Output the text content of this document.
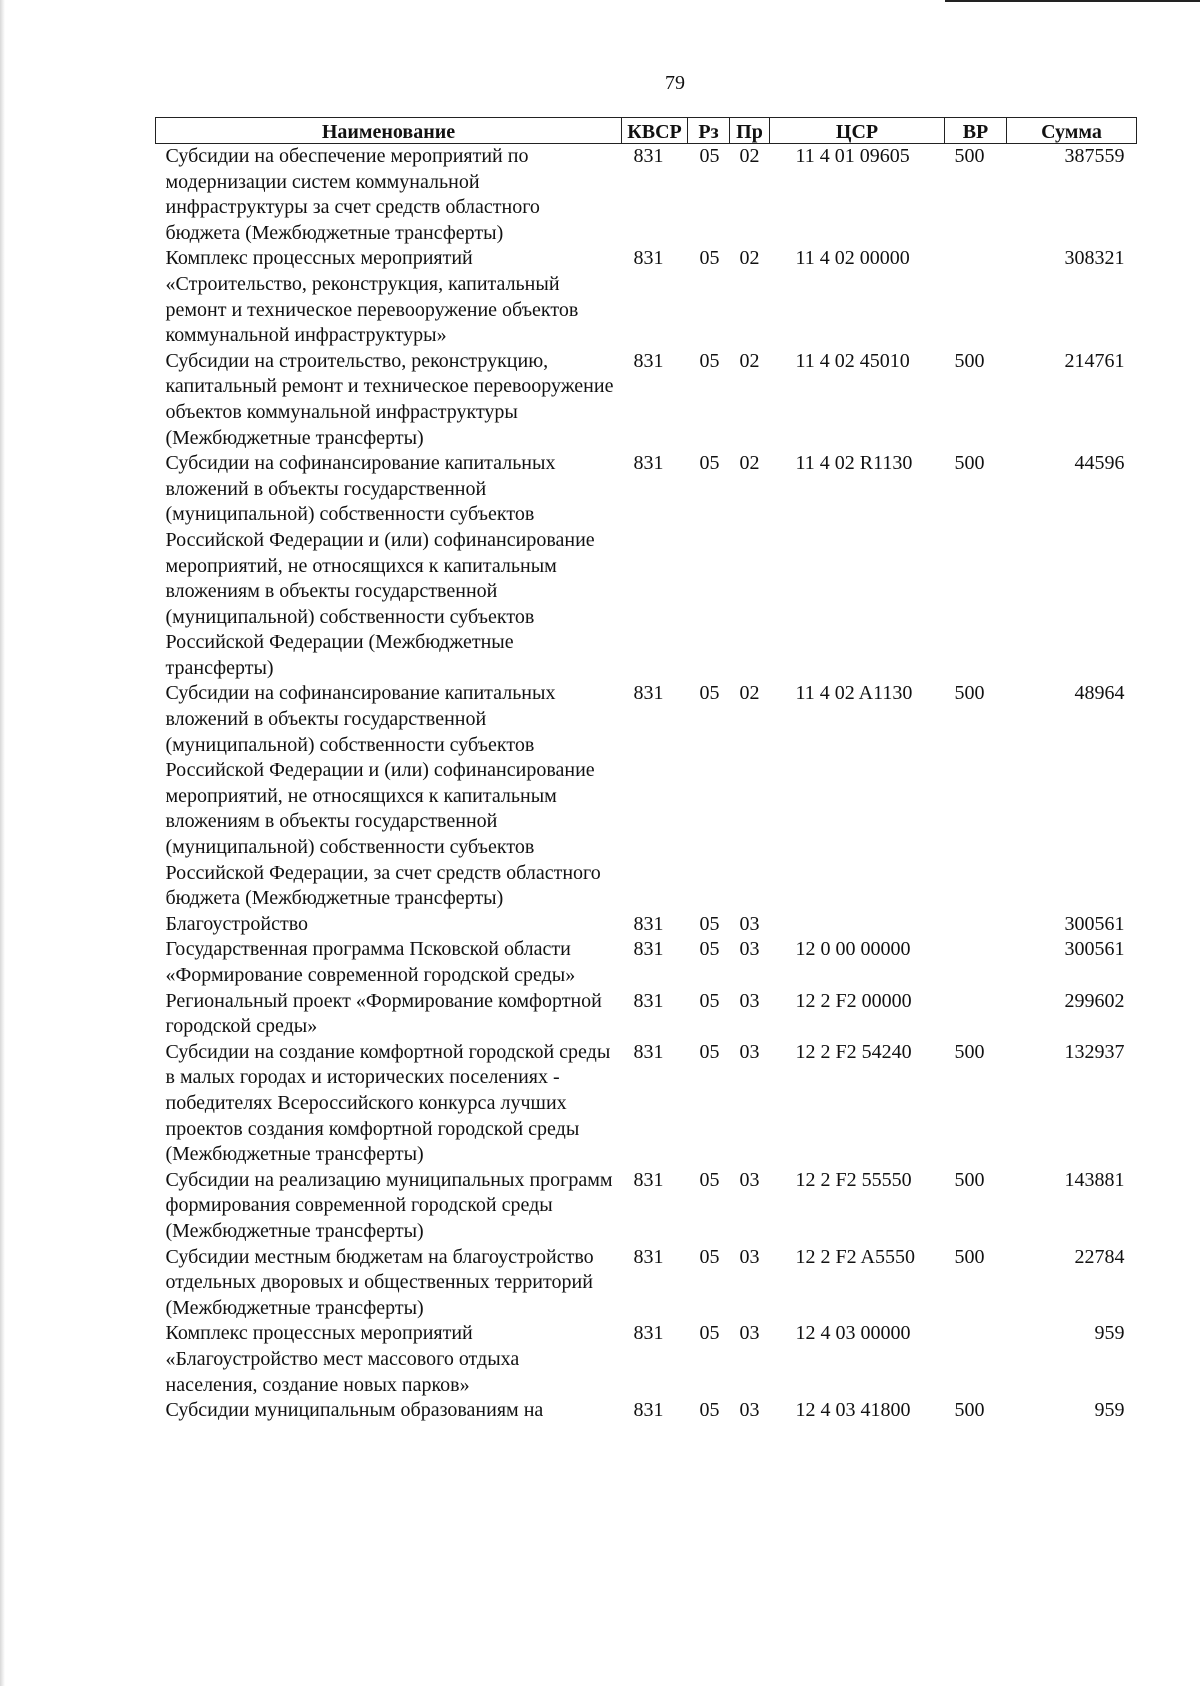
79
Наименование	КВСР	Рз	Пр	ЦСР	ВР	Сумма
Субсидии на обеспечение мероприятий по модернизации систем коммунальной инфраструктуры за счет средств областного бюджета (Межбюджетные трансферты)	831	05	02	11 4 01 09605	500	387559
Комплекс процессных мероприятий «Строительство, реконструкция, капитальный ремонт и техническое перевооружение объектов коммунальной инфраструктуры»	831	05	02	11 4 02 00000		308321
Субсидии на строительство, реконструкцию, капитальный ремонт и техническое перевооружение объектов коммунальной инфраструктуры (Межбюджетные трансферты)	831	05	02	11 4 02 45010	500	214761
Субсидии на софинансирование капитальных вложений в объекты государственной (муниципальной) собственности субъектов Российской Федерации и (или) софинансирование мероприятий, не относящихся к капитальным вложениям в объекты государственной (муниципальной) собственности субъектов Российской Федерации (Межбюджетные трансферты)	831	05	02	11 4 02 R1130	500	44596
Субсидии на софинансирование капитальных вложений в объекты государственной (муниципальной) собственности субъектов Российской Федерации и (или) софинансирование мероприятий, не относящихся к капитальным вложениям в объекты государственной (муниципальной) собственности субъектов Российской Федерации, за счет средств областного бюджета (Межбюджетные трансферты)	831	05	02	11 4 02 A1130	500	48964
Благоустройство	831	05	03			300561
Государственная программа Псковской области «Формирование современной городской среды»	831	05	03	12 0 00 00000		300561
Региональный проект «Формирование комфортной городской среды»	831	05	03	12 2 F2 00000		299602
Субсидии на создание комфортной городской среды в малых городах и исторических поселениях - победителях Всероссийского конкурса лучших проектов создания комфортной городской среды (Межбюджетные трансферты)	831	05	03	12 2 F2 54240	500	132937
Субсидии на реализацию муниципальных программ формирования современной городской среды (Межбюджетные трансферты)	831	05	03	12 2 F2 55550	500	143881
Субсидии местным бюджетам на благоустройство отдельных дворовых и общественных территорий (Межбюджетные трансферты)	831	05	03	12 2 F2 A5550	500	22784
Комплекс процессных мероприятий «Благоустройство мест массового отдыха населения, создание новых парков»	831	05	03	12 4 03 00000		959
Субсидии муниципальным образованиям на	831	05	03	12 4 03 41800	500	959
